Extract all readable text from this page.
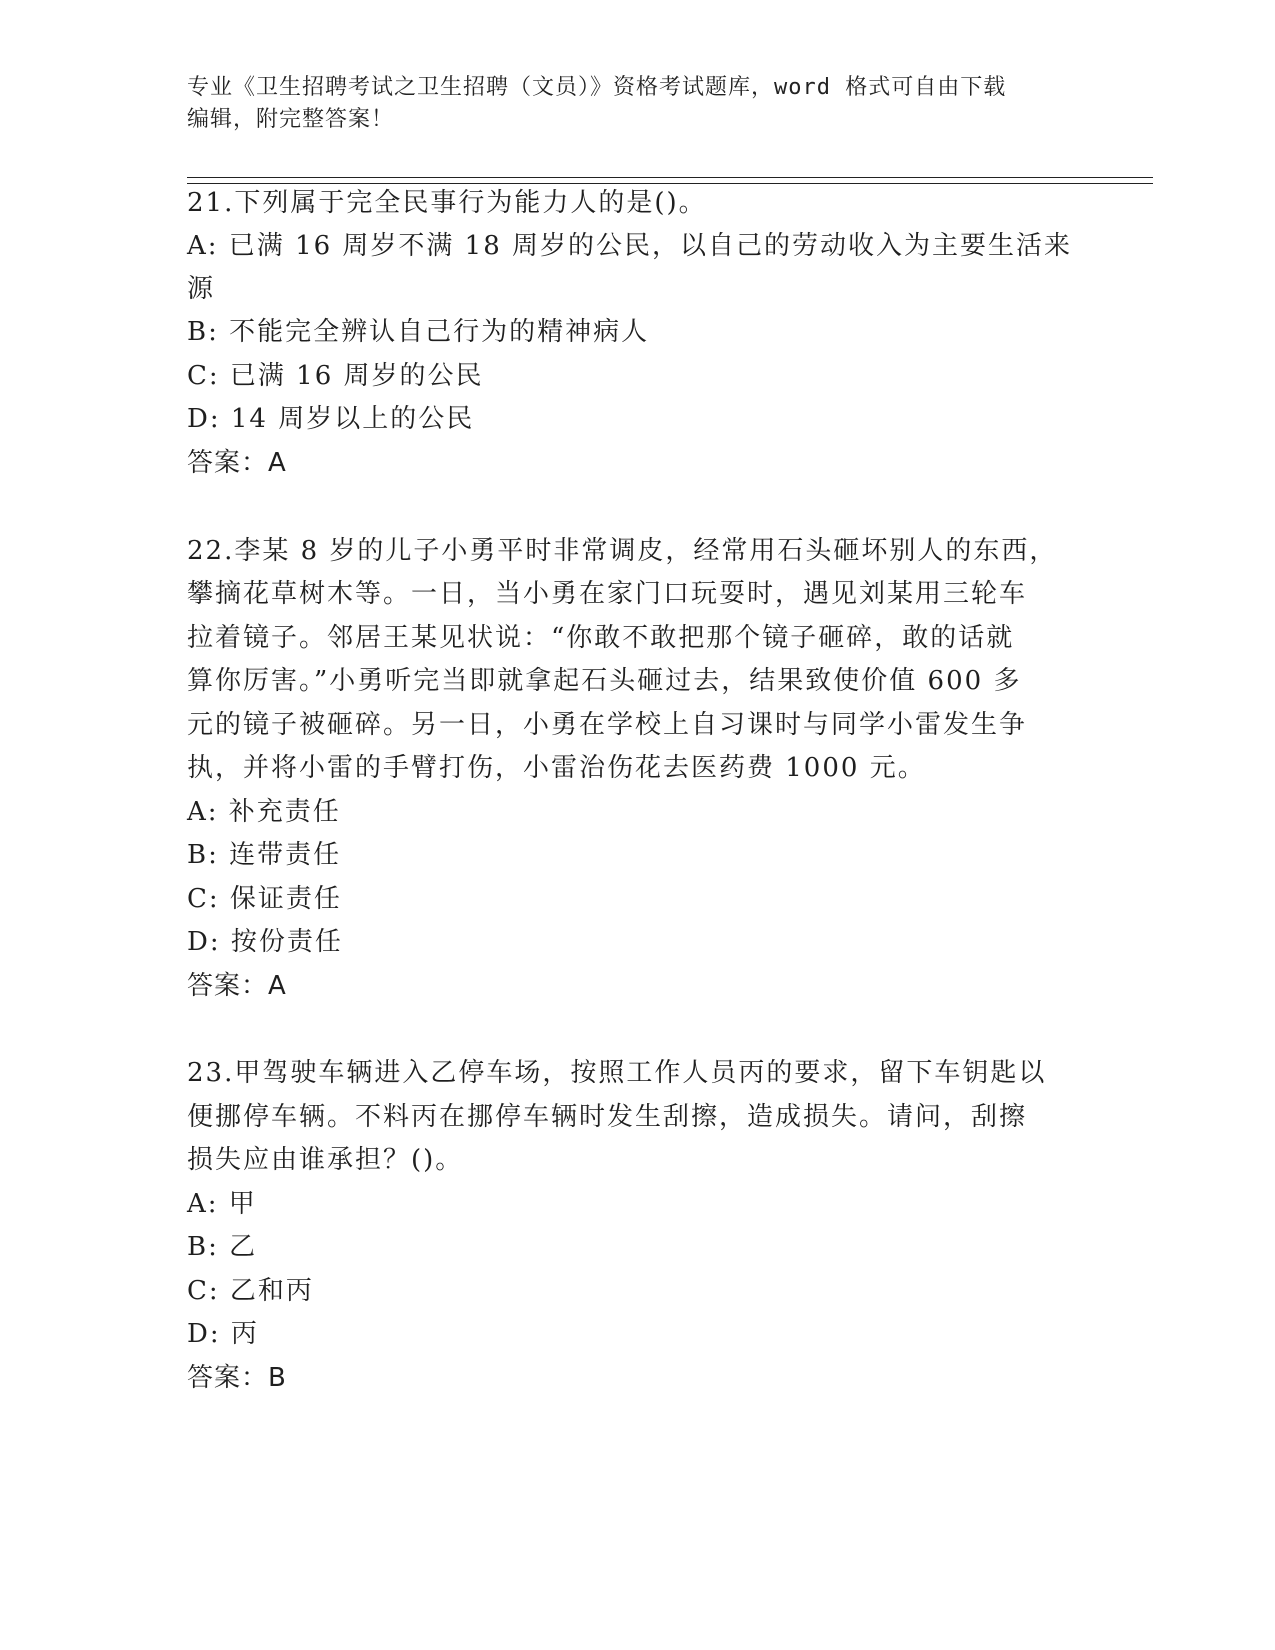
专业《卫生招聘考试之卫生招聘（文员）》资格考试题库，word 格式可自由下载
编辑，附完整答案！
21.下列属于完全民事行为能力人的是()。
A: 已满 16 周岁不满 18 周岁的公民，以自己的劳动收入为主要生活来
源
B: 不能完全辨认自己行为的精神病人
C: 已满 16 周岁的公民
D: 14 周岁以上的公民
答案：A
22.李某 8 岁的儿子小勇平时非常调皮，经常用石头砸坏别人的东西，
攀摘花草树木等。一日，当小勇在家门口玩耍时，遇见刘某用三轮车
拉着镜子。邻居王某见状说：“你敢不敢把那个镜子砸碎，敢的话就
算你厉害。”小勇听完当即就拿起石头砸过去，结果致使价值 600 多
元的镜子被砸碎。另一日，小勇在学校上自习课时与同学小雷发生争
执，并将小雷的手臂打伤，小雷治伤花去医药费 1000 元。
A: 补充责任
B: 连带责任
C: 保证责任
D: 按份责任
答案：A
23.甲驾驶车辆进入乙停车场，按照工作人员丙的要求，留下车钥匙以
便挪停车辆。不料丙在挪停车辆时发生刮擦，造成损失。请问，刮擦
损失应由谁承担？()。
A: 甲
B: 乙
C: 乙和丙
D: 丙
答案：B
